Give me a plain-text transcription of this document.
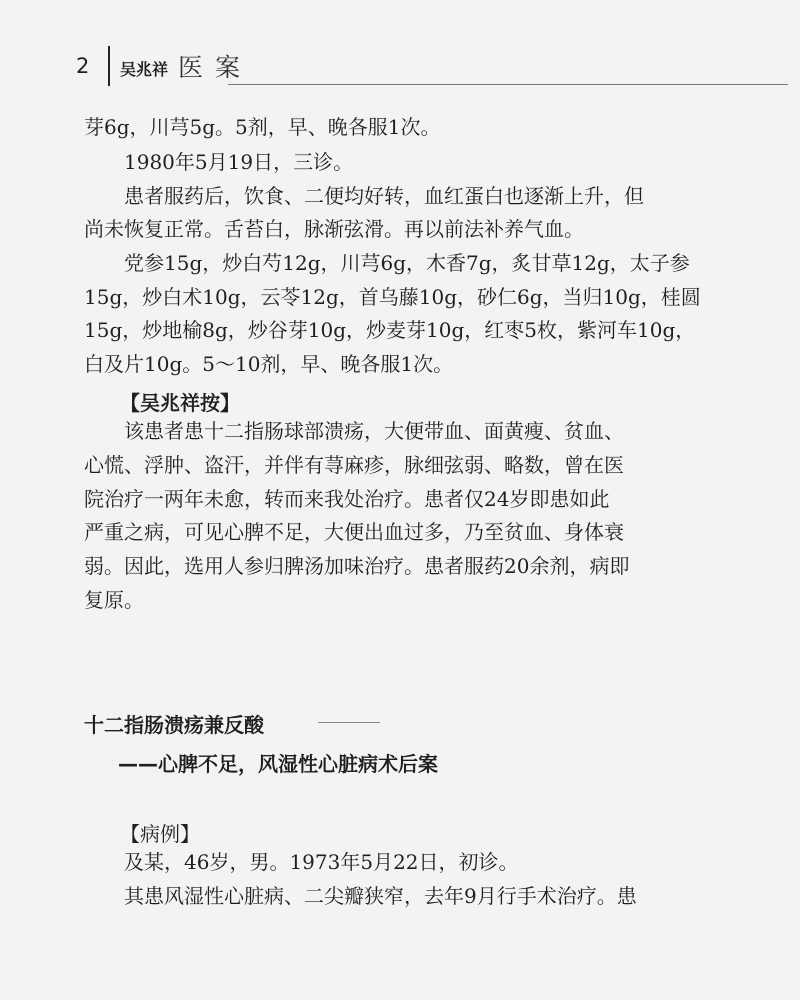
2 吴兆祥 医 案
芽6g，川芎5g。5剂，早、晚各服1次。
1980年5月19日，三诊。
患者服药后，饮食、二便均好转，血红蛋白也逐渐上升，但
尚未恢复正常。舌苔白，脉渐弦滑。再以前法补养气血。
党参15g，炒白芍12g，川芎6g，木香7g，炙甘草12g，太子参
15g，炒白术10g，云苓12g，首乌藤10g，砂仁6g，当归10g，桂圆
15g，炒地榆8g，炒谷芽10g，炒麦芽10g，红枣5枚，紫河车10g，
白及片10g。5～10剂，早、晚各服1次。
【吴兆祥按】
该患者患十二指肠球部溃疡，大便带血、面黄瘦、贫血、
心慌、浮肿、盗汗，并伴有荨麻疹，脉细弦弱、略数，曾在医
院治疗一两年未愈，转而来我处治疗。患者仅24岁即患如此
严重之病，可见心脾不足，大便出血过多，乃至贫血、身体衰
弱。因此，选用人参归脾汤加味治疗。患者服药20余剂，病即
复原。
十二指肠溃疡兼反酸
——心脾不足，风湿性心脏病术后案
【病例】
及某，46岁，男。1973年5月22日，初诊。
其患风湿性心脏病、二尖瓣狭窄，去年9月行手术治疗。患
